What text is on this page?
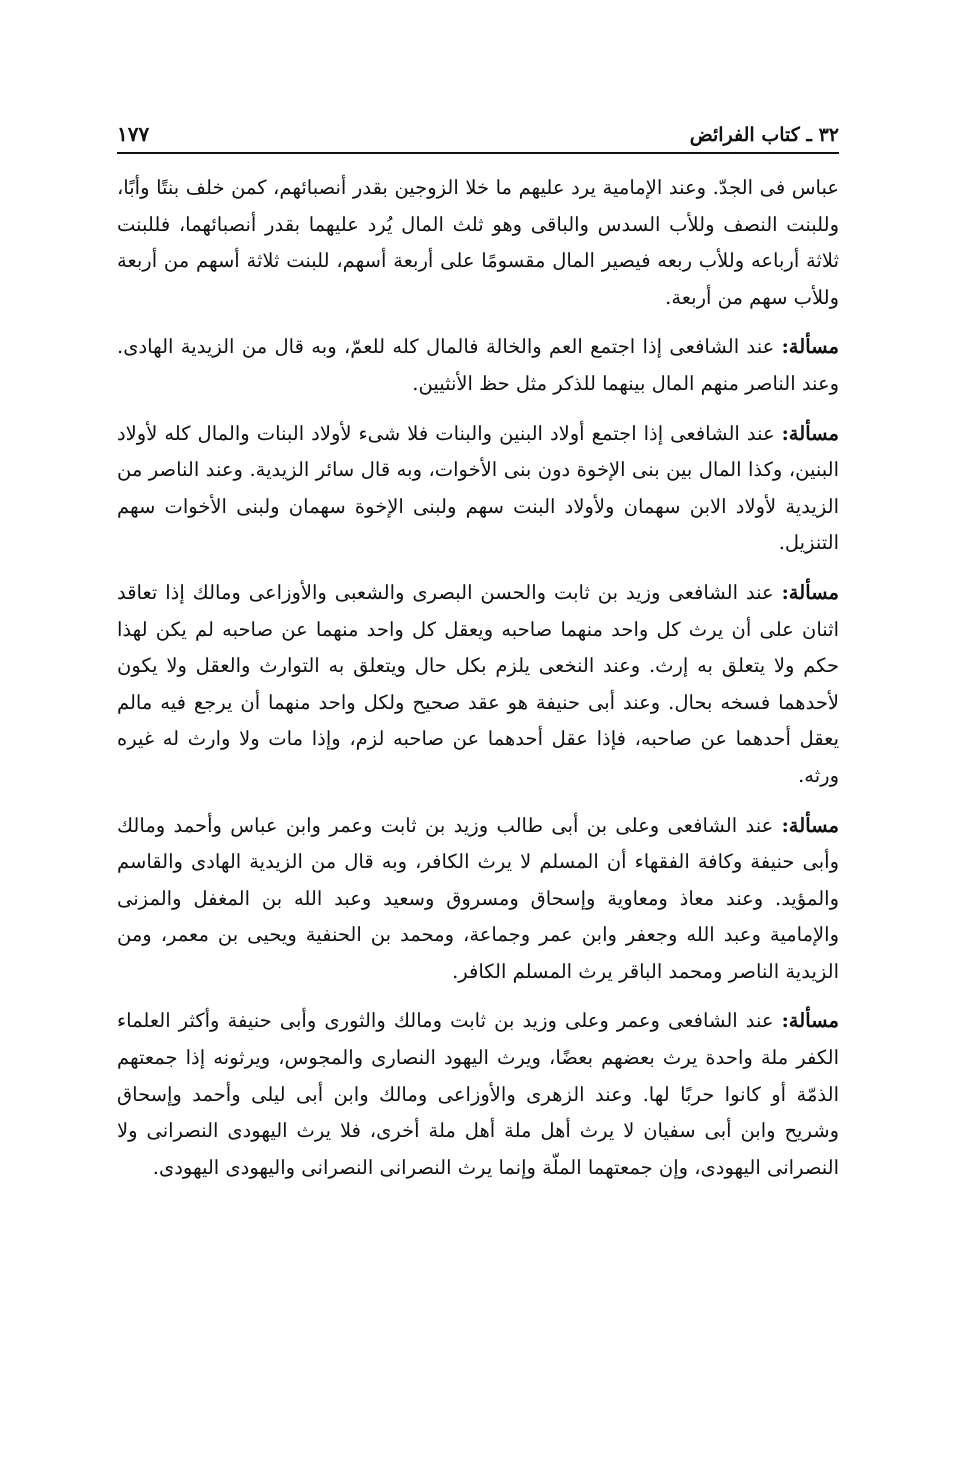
٣٢ ـ كتاب الفرائض
١٧٧

عباس فى الجدّ. وعند الإمامية يرد عليهم ما خلا الزوجين بقدر أنصبائهم، كمن خلف بنتًا وأبًا، وللبنت النصف وللأب السدس والباقى وهو ثلث المال يُرد عليهما بقدر أنصبائهما، فللبنت ثلاثة أرباعه وللأب ربعه فيصير المال مقسومًا على أربعة أسهم، للبنت ثلاثة أسهم من أربعة وللأب سهم من أربعة.

مسألة: عند الشافعى إذا اجتمع العم والخالة فالمال كله للعمّ، وبه قال من الزيدية الهادى. وعند الناصر منهم المال بينهما للذكر مثل حظ الأنثيين.

مسألة: عند الشافعى إذا اجتمع أولاد البنين والبنات فلا شىء لأولاد البنات والمال كله لأولاد البنين، وكذا المال بين بنى الإخوة دون بنى الأخوات، وبه قال سائر الزيدية. وعند الناصر من الزيدية لأولاد الابن سهمان ولأولاد البنت سهم ولبنى الإخوة سهمان ولبنى الأخوات سهم التنزيل.

مسألة: عند الشافعى وزيد بن ثابت والحسن البصرى والشعبى والأوزاعى ومالك إذا تعاقد اثنان على أن يرث كل واحد منهما صاحبه ويعقل كل واحد منهما عن صاحبه لم يكن لهذا حكم ولا يتعلق به إرث. وعند النخعى يلزم بكل حال ويتعلق به التوارث والعقل ولا يكون لأحدهما فسخه بحال. وعند أبى حنيفة هو عقد صحيح ولكل واحد منهما أن يرجع فيه مالم يعقل أحدهما عن صاحبه، فإذا عقل أحدهما عن صاحبه لزم، وإذا مات ولا وارث له غيره ورثه.

مسألة: عند الشافعى وعلى بن أبى طالب وزيد بن ثابت وعمر وابن عباس وأحمد ومالك وأبى حنيفة وكافة الفقهاء أن المسلم لا يرث الكافر، وبه قال من الزيدية الهادى والقاسم والمؤيد. وعند معاذ ومعاوية وإسحاق ومسروق وسعيد وعبد الله بن المغفل والمزنى والإمامية وعبد الله وجعفر وابن عمر وجماعة، ومحمد بن الحنفية ويحيى بن معمر، ومن الزيدية الناصر ومحمد الباقر يرث المسلم الكافر.

مسألة: عند الشافعى وعمر وعلى وزيد بن ثابت ومالك والثورى وأبى حنيفة وأكثر العلماء الكفر ملة واحدة يرث بعضهم بعضًا، ويرث اليهود النصارى والمجوس، ويرثونه إذا جمعتهم الذمّة أو كانوا حربًا لها. وعند الزهرى والأوزاعى ومالك وابن أبى ليلى وأحمد وإسحاق وشريح وابن أبى سفيان لا يرث أهل ملة أهل ملة أخرى، فلا يرث اليهودى النصرانى ولا النصرانى اليهودى، وإن جمعتهما الملّة وإنما يرث النصرانى النصرانى واليهودى اليهودى.
